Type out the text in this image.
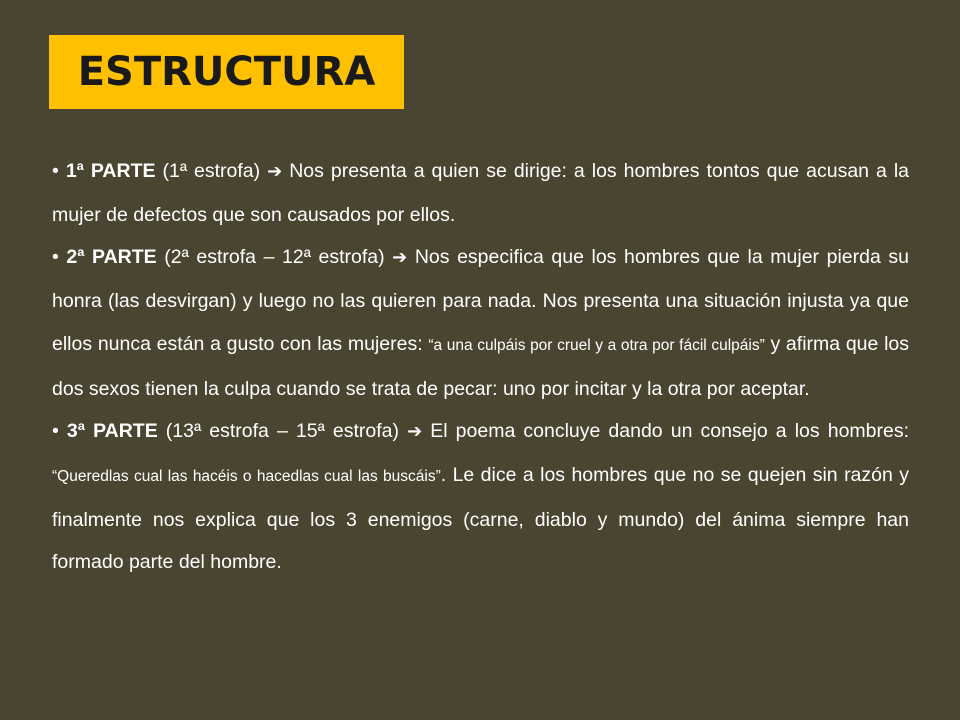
ESTRUCTURA

• 1ª PARTE (1ª estrofa) ➔ Nos presenta a quien se dirige: a los hombres tontos que acusan a la mujer de defectos que son causados por ellos.

• 2ª PARTE (2ª estrofa – 12ª estrofa) ➔ Nos especifica que los hombres que la mujer pierda su honra (las desvirgan) y luego no las quieren para nada. Nos presenta una situación injusta ya que ellos nunca están a gusto con las mujeres: “a una culpáis por cruel y a otra por fácil culpáis” y afirma que los dos sexos tienen la culpa cuando se trata de pecar: uno por incitar y la otra por aceptar.

• 3ª PARTE (13ª estrofa – 15ª estrofa) ➔ El poema concluye dando un consejo a los hombres: “Queredlas cual las hacéis o hacedlas cual las buscáis”. Le dice a los hombres que no se quejen sin razón y finalmente nos explica que los 3 enemigos (carne, diablo y mundo) del ánima siempre han formado parte del hombre.
